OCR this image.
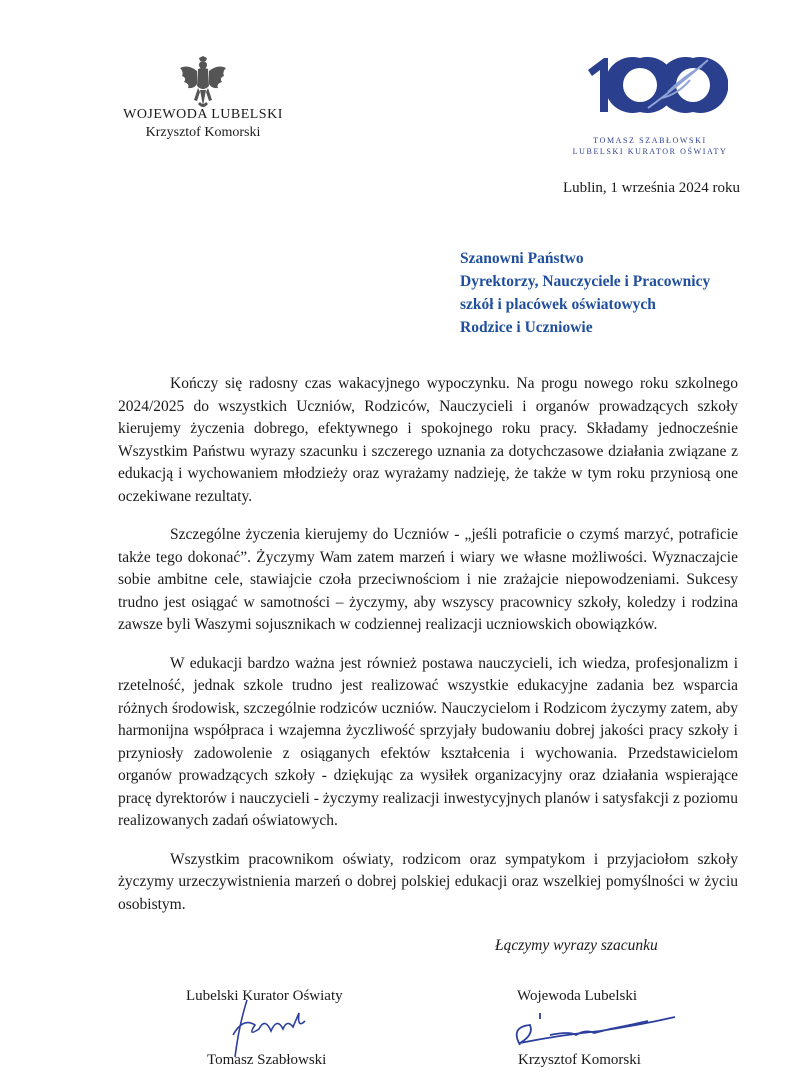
WOJEWODA LUBELSKI
Krzysztof Komorski
TOMASZ SZABŁOWSKI
LUBELSKI KURATOR OŚWIATY
Lublin, 1 września 2024 roku
Szanowni Państwo
Dyrektorzy, Nauczyciele i Pracownicy
szkół i placówek oświatowych
Rodzice i Uczniowie

Kończy się radosny czas wakacyjnego wypoczynku. Na progu nowego roku szkolnego 2024/2025 do wszystkich Uczniów, Rodziców, Nauczycieli i organów prowadzących szkoły kierujemy życzenia dobrego, efektywnego i spokojnego roku pracy. Składamy jednocześnie Wszystkim Państwu wyrazy szacunku i szczerego uznania za dotychczasowe działania związane z edukacją i wychowaniem młodzieży oraz wyrażamy nadzieję, że także w tym roku przyniosą one oczekiwane rezultaty.

Szczególne życzenia kierujemy do Uczniów - „jeśli potraficie o czymś marzyć, potraficie także tego dokonać”. Życzymy Wam zatem marzeń i wiary we własne możliwości. Wyznaczajcie sobie ambitne cele, stawiajcie czoła przeciwnościom i nie zrażajcie niepowodzeniami. Sukcesy trudno jest osiągać w samotności – życzymy, aby wszyscy pracownicy szkoły, koledzy i rodzina zawsze byli Waszymi sojusznikach w codziennej realizacji uczniowskich obowiązków.

W edukacji bardzo ważna jest również postawa nauczycieli, ich wiedza, profesjonalizm i rzetelność, jednak szkole trudno jest realizować wszystkie edukacyjne zadania bez wsparcia różnych środowisk, szczególnie rodziców uczniów. Nauczycielom i Rodzicom życzymy zatem, aby harmonijna współpraca i wzajemna życzliwość sprzyjały budowaniu dobrej jakości pracy szkoły i przyniosły zadowolenie z osiąganych efektów kształcenia i wychowania. Przedstawicielom organów prowadzących szkoły - dziękując za wysiłek organizacyjny oraz działania wspierające pracę dyrektorów i nauczycieli - życzymy realizacji inwestycyjnych planów i satysfakcji z poziomu realizowanych zadań oświatowych.

Wszystkim pracownikom oświaty, rodzicom oraz sympatykom i przyjaciołom szkoły życzymy urzeczywistnienia marzeń o dobrej polskiej edukacji oraz wszelkiej pomyślności w życiu osobistym.

Łączymy wyrazy szacunku
Lubelski Kurator Oświaty
Tomasz Szabłowski
Wojewoda Lubelski
Krzysztof Komorski
